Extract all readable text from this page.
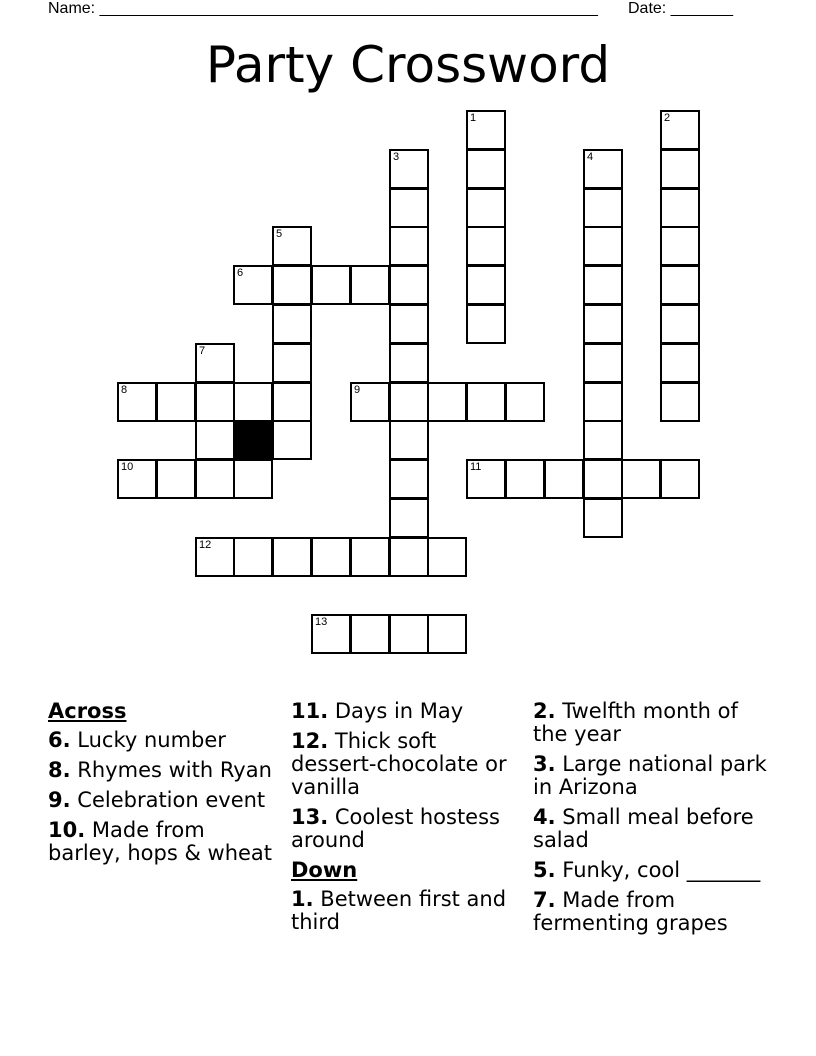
Name: ________________________________________________________ Date: _______
Party Crossword
1	2
3	4
5
6
7
8	9
10	11
12
13
Across
6. Lucky number
8. Rhymes with Ryan
9. Celebration event
10. Made from barley, hops & wheat
11. Days in May
12. Thick soft dessert-chocolate or vanilla
13. Coolest hostess around
Down
1. Between first and third
2. Twelfth month of the year
3. Large national park in Arizona
4. Small meal before salad
5. Funky, cool _______
7. Made from fermenting grapes
